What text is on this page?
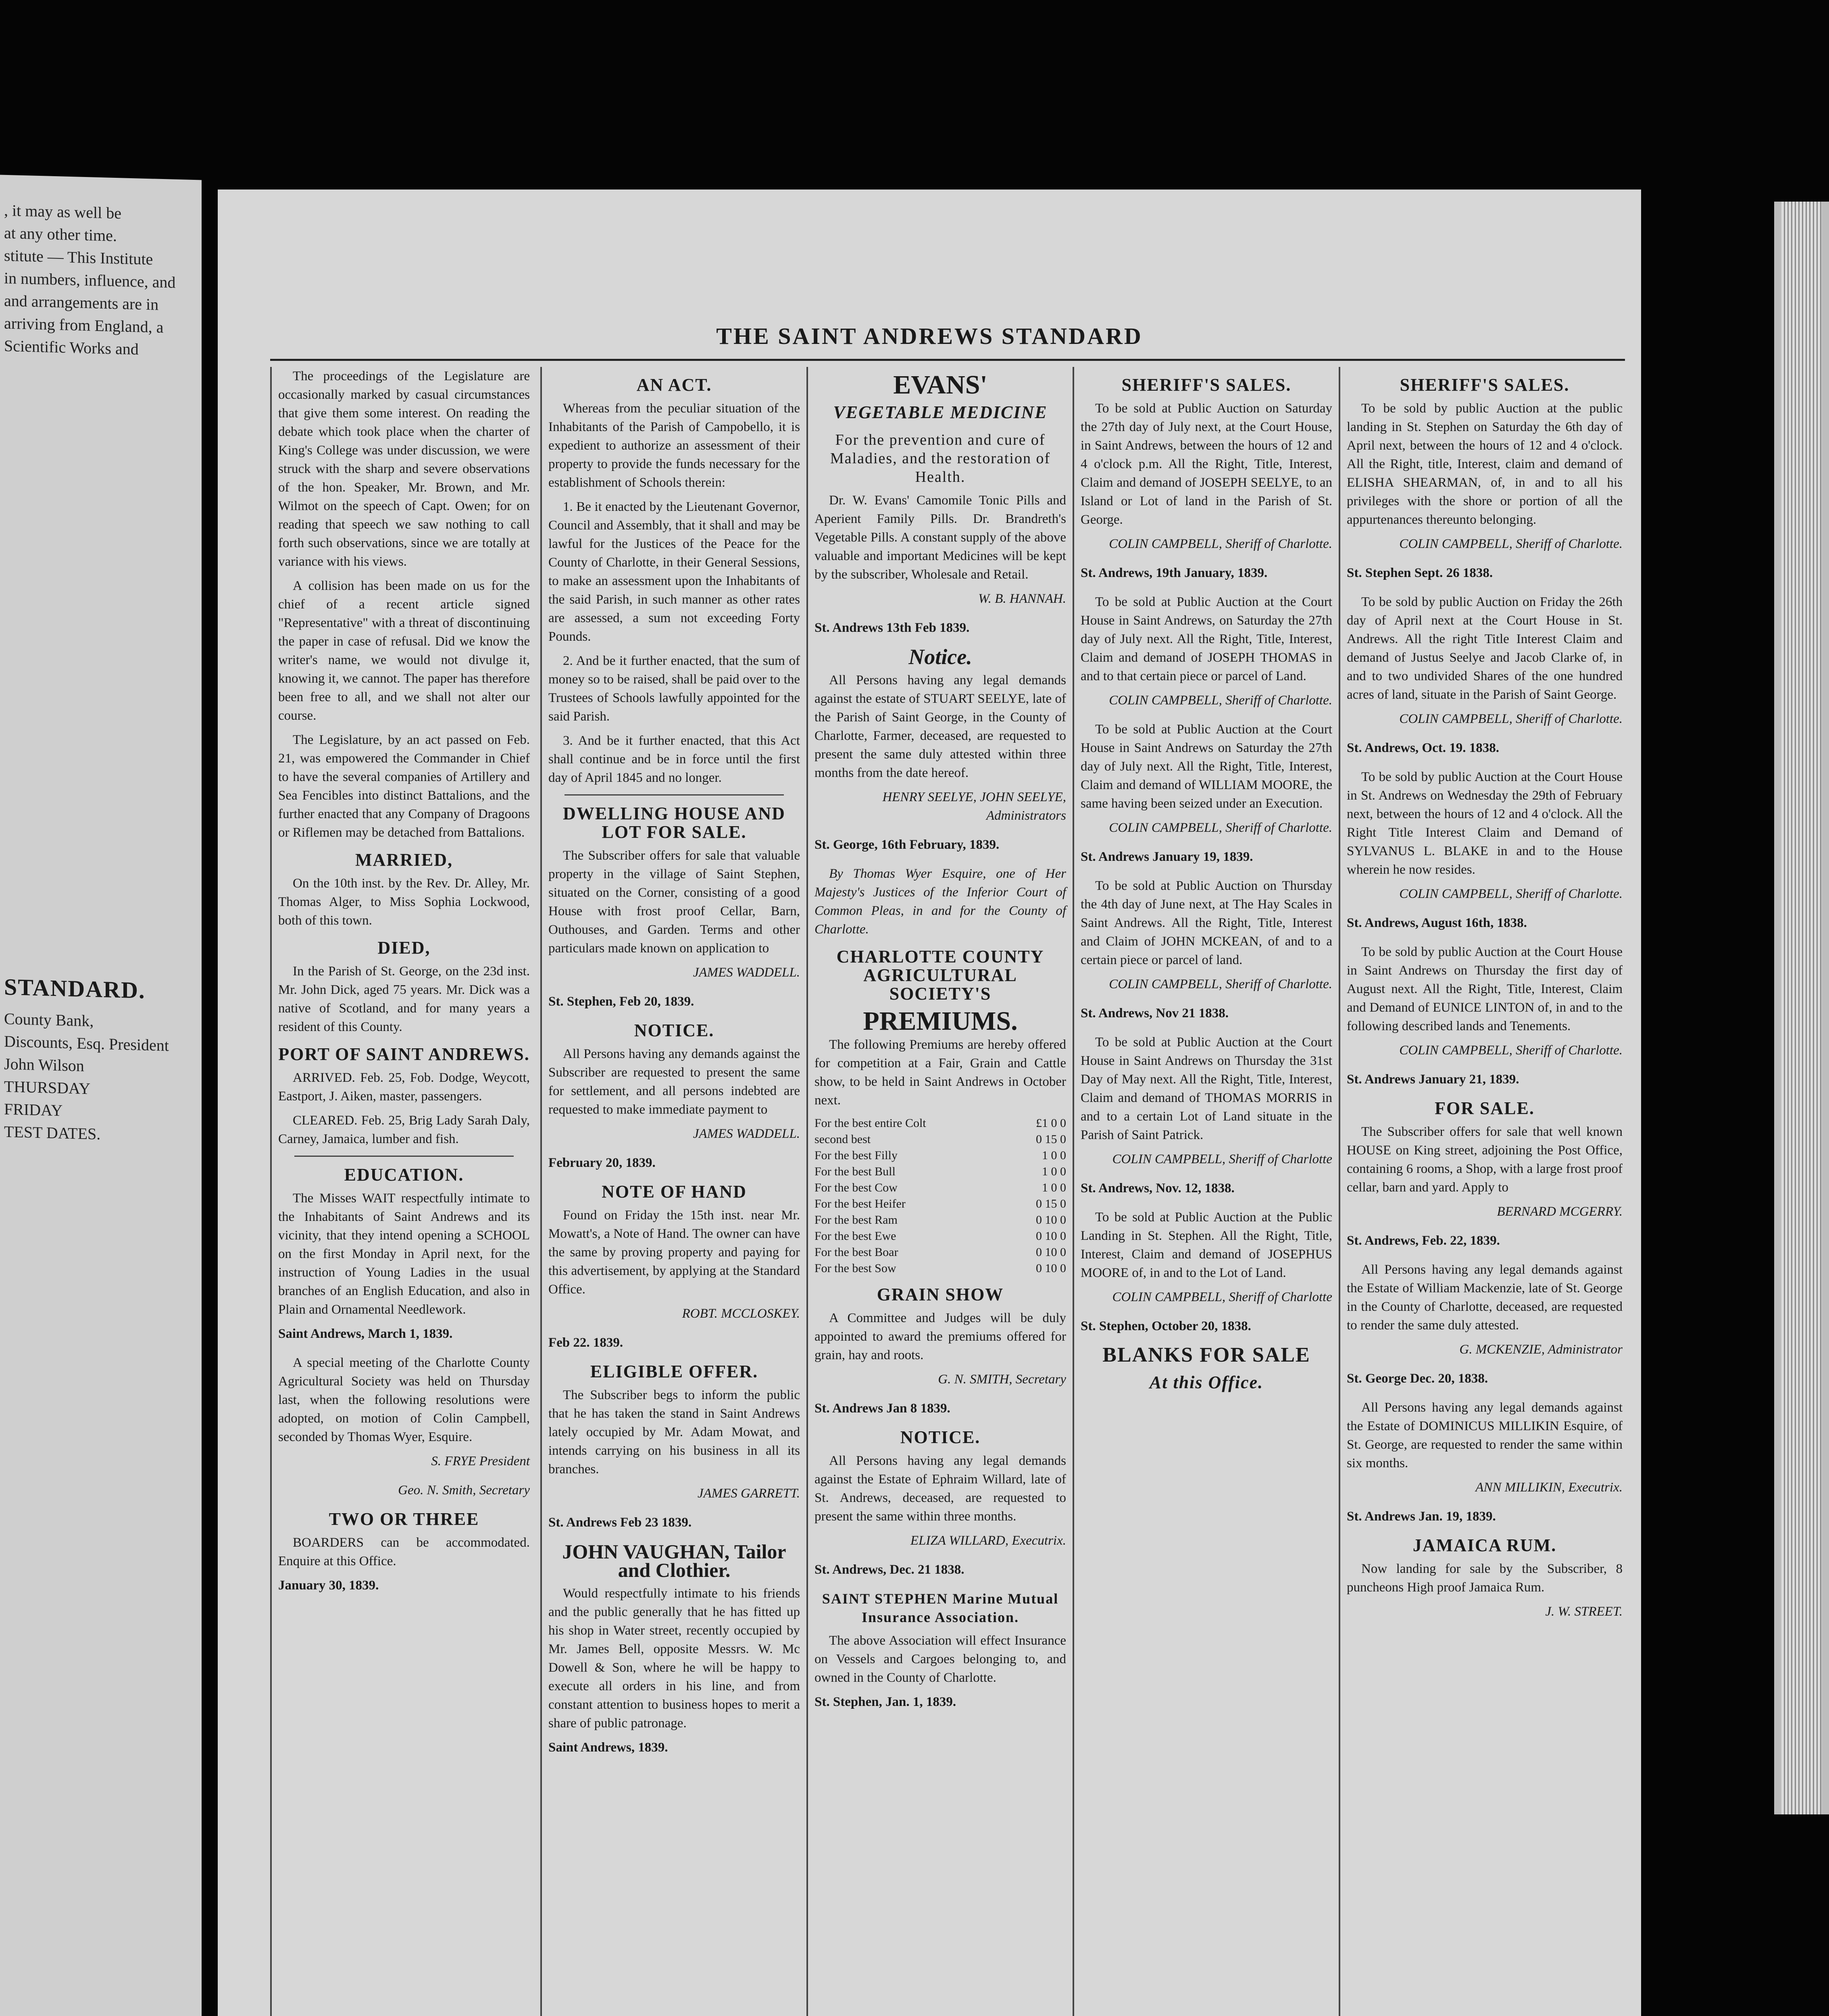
, it may as well be
at any other time.
stitute — This Institute
in numbers, influence, and
and arrangements are in
arriving from England, a
Scientific Works and
STANDARD.
County Bank,
Discounts, Esq. President
John Wilson
THURSDAY
FRIDAY
TEST DATES.
THE SAINT ANDREWS STANDARD

The proceedings of the Legislature are occasionally marked by casual circumstances that give them some interest. On reading the debate which took place when the charter of King's College was under discussion, we were struck with the sharp and severe observations of the hon. Speaker, Mr. Brown, and Mr. Wilmot on the speech of Capt. Owen; for on reading that speech we saw nothing to call forth such observations, since we are totally at variance with his views.

A collision has been made on us for the chief of a recent article signed "Representative" with a threat of discontinuing the paper in case of refusal. Did we know the writer's name, we would not divulge it, knowing it, we cannot. The paper has therefore been free to all, and we shall not alter our course.

The Legislature, by an act passed on Feb. 21, was empowered the Commander in Chief to have the several companies of Artillery and Sea Fencibles into distinct Battalions, and the further enacted that any Company of Dragoons or Riflemen may be detached from Battalions.

MARRIED,

On the 10th inst. by the Rev. Dr. Alley, Mr. Thomas Alger, to Miss Sophia Lockwood, both of this town.

DIED,

In the Parish of St. George, on the 23d inst. Mr. John Dick, aged 75 years. Mr. Dick was a native of Scotland, and for many years a resident of this County.

PORT OF SAINT ANDREWS.

ARRIVED. Feb. 25, Fob. Dodge, Weycott, Eastport, J. Aiken, master, passengers.

CLEARED. Feb. 25, Brig Lady Sarah Daly, Carney, Jamaica, lumber and fish.

EDUCATION.

The Misses WAIT respectfully intimate to the Inhabitants of Saint Andrews and its vicinity, that they intend opening a SCHOOL on the first Monday in April next, for the instruction of Young Ladies in the usual branches of an English Education, and also in Plain and Ornamental Needlework.

Saint Andrews, March 1, 1839.

A special meeting of the Charlotte County Agricultural Society was held on Thursday last, when the following resolutions were adopted, on motion of Colin Campbell, seconded by Thomas Wyer, Esquire.

S. FRYE President
Geo. N. Smith, Secretary
TWO OR THREE

BOARDERS can be accommodated. Enquire at this Office.

January 30, 1839.
AN ACT.

Whereas from the peculiar situation of the Inhabitants of the Parish of Campobello, it is expedient to authorize an assessment of their property to provide the funds necessary for the establishment of Schools therein:

1. Be it enacted by the Lieutenant Governor, Council and Assembly, that it shall and may be lawful for the Justices of the Peace for the County of Charlotte, in their General Sessions, to make an assessment upon the Inhabitants of the said Parish, in such manner as other rates are assessed, a sum not exceeding Forty Pounds.

2. And be it further enacted, that the sum of money so to be raised, shall be paid over to the Trustees of Schools lawfully appointed for the said Parish.

3. And be it further enacted, that this Act shall continue and be in force until the first day of April 1845 and no longer.

DWELLING HOUSE AND LOT FOR SALE.

The Subscriber offers for sale that valuable property in the village of Saint Stephen, situated on the Corner, consisting of a good House with frost proof Cellar, Barn, Outhouses, and Garden. Terms and other particulars made known on application to

JAMES WADDELL.
St. Stephen, Feb 20, 1839.
NOTICE.

All Persons having any demands against the Subscriber are requested to present the same for settlement, and all persons indebted are requested to make immediate payment to

JAMES WADDELL.
February 20, 1839.
NOTE OF HAND

Found on Friday the 15th inst. near Mr. Mowatt's, a Note of Hand. The owner can have the same by proving property and paying for this advertisement, by applying at the Standard Office.

ROBT. MCCLOSKEY.
Feb 22. 1839.
ELIGIBLE OFFER.

The Subscriber begs to inform the public that he has taken the stand in Saint Andrews lately occupied by Mr. Adam Mowat, and intends carrying on his business in all its branches.

JAMES GARRETT.
St. Andrews Feb 23 1839.
JOHN VAUGHAN, Tailor and Clothier.

Would respectfully intimate to his friends and the public generally that he has fitted up his shop in Water street, recently occupied by Mr. James Bell, opposite Messrs. W. Mc Dowell & Son, where he will be happy to execute all orders in his line, and from constant attention to business hopes to merit a share of public patronage.

Saint Andrews, 1839.
EVANS'
VEGETABLE MEDICINE
For the prevention and cure of Maladies, and the restoration of Health.

Dr. W. Evans' Camomile Tonic Pills and Aperient Family Pills. Dr. Brandreth's Vegetable Pills. A constant supply of the above valuable and important Medicines will be kept by the subscriber, Wholesale and Retail.

W. B. HANNAH.
St. Andrews 13th Feb 1839.
Notice.

All Persons having any legal demands against the estate of STUART SEELYE, late of the Parish of Saint George, in the County of Charlotte, Farmer, deceased, are requested to present the same duly attested within three months from the date hereof.

HENRY SEELYE, JOHN SEELYE, Administrators
St. George, 16th February, 1839.

By Thomas Wyer Esquire, one of Her Majesty's Justices of the Inferior Court of Common Pleas, in and for the County of Charlotte.

CHARLOTTE COUNTY AGRICULTURAL SOCIETY'S
PREMIUMS.

The following Premiums are hereby offered for competition at a Fair, Grain and Cattle show, to be held in Saint Andrews in October next.

For the best entire Colt	£1 0 0
second best	0 15 0
For the best Filly	1 0 0
For the best Bull	1 0 0
For the best Cow	1 0 0
For the best Heifer	0 15 0
For the best Ram	0 10 0
For the best Ewe	0 10 0
For the best Boar	0 10 0
For the best Sow	0 10 0
GRAIN SHOW

A Committee and Judges will be duly appointed to award the premiums offered for grain, hay and roots.

G. N. SMITH, Secretary
St. Andrews Jan 8 1839.
NOTICE.

All Persons having any legal demands against the Estate of Ephraim Willard, late of St. Andrews, deceased, are requested to present the same within three months.

ELIZA WILLARD, Executrix.
St. Andrews, Dec. 21 1838.
SAINT STEPHEN Marine Mutual Insurance Association.

The above Association will effect Insurance on Vessels and Cargoes belonging to, and owned in the County of Charlotte.

St. Stephen, Jan. 1, 1839.
SHERIFF'S SALES.

To be sold at Public Auction on Saturday the 27th day of July next, at the Court House, in Saint Andrews, between the hours of 12 and 4 o'clock p.m. All the Right, Title, Interest, Claim and demand of JOSEPH SEELYE, to an Island or Lot of land in the Parish of St. George.

COLIN CAMPBELL, Sheriff of Charlotte.
St. Andrews, 19th January, 1839.

To be sold at Public Auction at the Court House in Saint Andrews, on Saturday the 27th day of July next. All the Right, Title, Interest, Claim and demand of JOSEPH THOMAS in and to that certain piece or parcel of Land.

COLIN CAMPBELL, Sheriff of Charlotte.

To be sold at Public Auction at the Court House in Saint Andrews on Saturday the 27th day of July next. All the Right, Title, Interest, Claim and demand of WILLIAM MOORE, the same having been seized under an Execution.

COLIN CAMPBELL, Sheriff of Charlotte.
St. Andrews January 19, 1839.

To be sold at Public Auction on Thursday the 4th day of June next, at The Hay Scales in Saint Andrews. All the Right, Title, Interest and Claim of JOHN MCKEAN, of and to a certain piece or parcel of land.

COLIN CAMPBELL, Sheriff of Charlotte.
St. Andrews, Nov 21 1838.

To be sold at Public Auction at the Court House in Saint Andrews on Thursday the 31st Day of May next. All the Right, Title, Interest, Claim and demand of THOMAS MORRIS in and to a certain Lot of Land situate in the Parish of Saint Patrick.

COLIN CAMPBELL, Sheriff of Charlotte
St. Andrews, Nov. 12, 1838.

To be sold at Public Auction at the Public Landing in St. Stephen. All the Right, Title, Interest, Claim and demand of JOSEPHUS MOORE of, in and to the Lot of Land.

COLIN CAMPBELL, Sheriff of Charlotte
St. Stephen, October 20, 1838.
BLANKS FOR SALE
At this Office.
SHERIFF'S SALES.

To be sold by public Auction at the public landing in St. Stephen on Saturday the 6th day of April next, between the hours of 12 and 4 o'clock. All the Right, title, Interest, claim and demand of ELISHA SHEARMAN, of, in and to all his privileges with the shore or portion of all the appurtenances thereunto belonging.

COLIN CAMPBELL, Sheriff of Charlotte.
St. Stephen Sept. 26 1838.

To be sold by public Auction on Friday the 26th day of April next at the Court House in St. Andrews. All the right Title Interest Claim and demand of Justus Seelye and Jacob Clarke of, in and to two undivided Shares of the one hundred acres of land, situate in the Parish of Saint George.

COLIN CAMPBELL, Sheriff of Charlotte.
St. Andrews, Oct. 19. 1838.

To be sold by public Auction at the Court House in St. Andrews on Wednesday the 29th of February next, between the hours of 12 and 4 o'clock. All the Right Title Interest Claim and Demand of SYLVANUS L. BLAKE in and to the House wherein he now resides.

COLIN CAMPBELL, Sheriff of Charlotte.
St. Andrews, August 16th, 1838.

To be sold by public Auction at the Court House in Saint Andrews on Thursday the first day of August next. All the Right, Title, Interest, Claim and Demand of EUNICE LINTON of, in and to the following described lands and Tenements.

COLIN CAMPBELL, Sheriff of Charlotte.
St. Andrews January 21, 1839.
FOR SALE.

The Subscriber offers for sale that well known HOUSE on King street, adjoining the Post Office, containing 6 rooms, a Shop, with a large frost proof cellar, barn and yard. Apply to

BERNARD MCGERRY.
St. Andrews, Feb. 22, 1839.

All Persons having any legal demands against the Estate of William Mackenzie, late of St. George in the County of Charlotte, deceased, are requested to render the same duly attested.

G. MCKENZIE, Administrator
St. George Dec. 20, 1838.

All Persons having any legal demands against the Estate of DOMINICUS MILLIKIN Esquire, of St. George, are requested to render the same within six months.

ANN MILLIKIN, Executrix.
St. Andrews Jan. 19, 1839.
JAMAICA RUM.

Now landing for sale by the Subscriber, 8 puncheons High proof Jamaica Rum.

J. W. STREET.
